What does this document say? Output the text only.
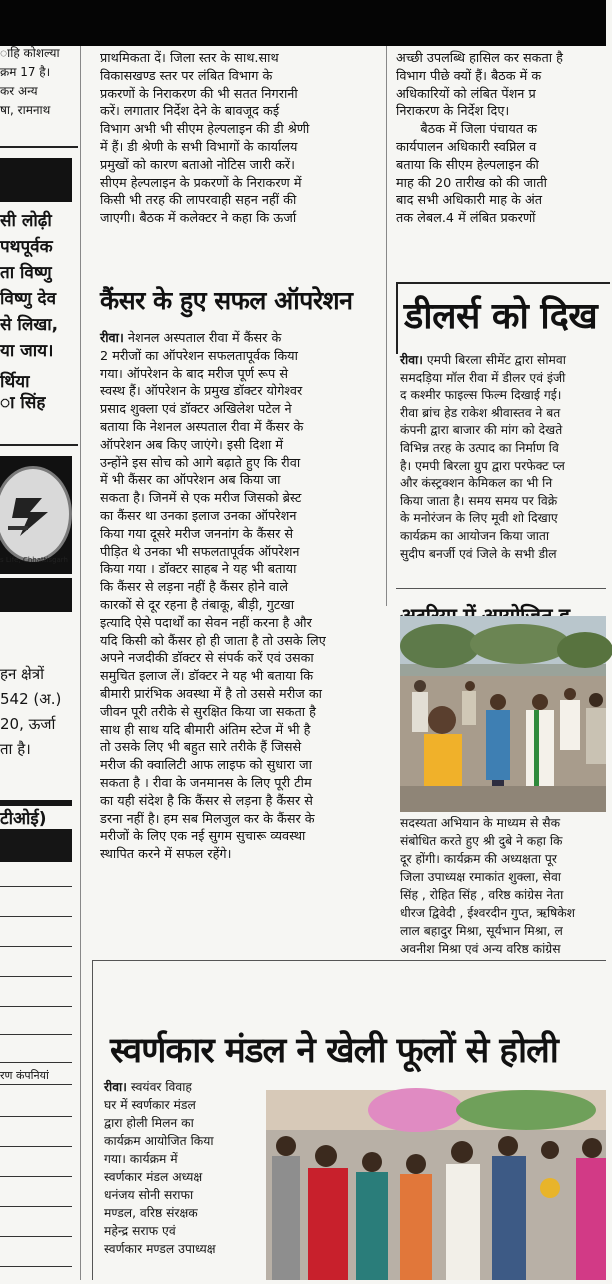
ाहि कोशल्या

क्रम 17 है।

कर अन्य

षा, रामनाथ

सी लोढ़ी

पथपूर्वक

ता विष्णु

विष्णु देव

से लिखा,

या जाय।

र्थिया

ा सिंह

s Life, Chhattisgarh

हन क्षेत्रों

542 (अ.)

20, ऊर्जा

ता है।

टीओई)
रण कंपनियां
प्राथमिकता दें। जिला स्तर के साथ.साथ
विकासखण्ड स्तर पर लंबित विभाग के
प्रकरणों के निराकरण की भी सतत निगरानी
करें। लगातार निर्देश देने के बावजूद कई
विभाग अभी भी सीएम हेल्पलाइन की डी श्रेणी
में हैं। डी श्रेणी के सभी विभागों के कार्यालय
प्रमुखों को कारण बताओ नोटिस जारी करें।
सीएम हेल्पलाइन के प्रकरणों के निराकरण में
किसी भी तरह की लापरवाही सहन नहीं की
जाएगी। बैठक में कलेक्टर ने कहा कि ऊर्जा
कैंसर के हुए सफल ऑपरेशन
रीवा। नेशनल अस्पताल रीवा में कैंसर के
2 मरीजों का ऑपरेशन सफलतापूर्वक किया
गया। ऑपरेशन के बाद मरीज पूर्ण रूप से
स्वस्थ हैं। ऑपरेशन के प्रमुख डॉक्टर योगेश्वर
प्रसाद शुक्ला एवं डॉक्टर अखिलेश पटेल ने
बताया कि नेशनल अस्पताल रीवा में कैंसर के
ऑपरेशन अब किए जाएंगे। इसी दिशा में
उन्होंने इस सोच को आगे बढ़ाते हुए कि रीवा
में भी कैंसर का ऑपरेशन अब किया जा
सकता है। जिनमें से एक मरीज जिसको ब्रेस्ट
का कैंसर था उनका इलाज उनका ऑपरेशन
किया गया दूसरे मरीज जननांग के कैंसर से
पीड़ित थे उनका भी सफलतापूर्वक ऑपरेशन
किया गया । डॉक्टर साहब ने यह भी बताया
कि कैंसर से लड़ना नहीं है कैंसर होने वाले
कारकों से दूर रहना है तंबाकू, बीड़ी, गुटखा
इत्यादि ऐसे पदार्थों का सेवन नहीं करना है और
यदि किसी को कैंसर हो ही जाता है तो उसके लिए
अपने नजदीकी डॉक्टर से संपर्क करें एवं उसका
समुचित इलाज लें। डॉक्टर ने यह भी बताया कि
बीमारी प्रारंभिक अवस्था में है तो उससे मरीज का
जीवन पूरी तरीके से सुरक्षित किया जा सकता है
साथ ही साथ यदि बीमारी अंतिम स्टेज में भी है
तो उसके लिए भी बहुत सारे तरीके हैं जिससे
मरीज की क्वालिटी आफ लाइफ को सुधारा जा
सकता है । रीवा के जनमानस के लिए पूरी टीम
का यही संदेश है कि कैंसर से लड़ना है कैंसर से
डरना नहीं है। हम सब मिलजुल कर के कैंसर के
मरीजों के लिए एक नई सुगम सुचारू व्यवस्था
स्थापित करने में सफल रहेंगे।
अच्छी उपलब्धि हासिल कर सकता है
विभाग पीछे क्यों हैं। बैठक में क
अधिकारियों को लंबित पेंशन प्र
निराकरण के निर्देश दिए।
बैठक में जिला पंचायत क
कार्यपालन अधिकारी स्वप्निल व
बताया कि सीएम हेल्पलाइन की
माह की 20 तारीख को की जाती
बाद सभी अधिकारी माह के अंत
तक लेबल.4 में लंबित प्रकरणों
डीलर्स को दिख
रीवा। एमपी बिरला सीमेंट द्वारा सोमवा
समदड़िया मॉल रीवा में डीलर एवं इंजी
द कश्मीर फाइल्स फिल्म दिखाई गई।
रीवा ब्रांच हेड राकेश श्रीवास्तव ने बत
कंपनी द्वारा बाजार की मांग को देखते
विभिन्न तरह के उत्पाद का निर्माण वि
है। एमपी बिरला ग्रुप द्वारा परफेक्ट प्ल
और कंस्ट्रक्शन केमिकल का भी नि
किया जाता है। समय समय पर विक्रे
के मनोरंजन के लिए मूवी शो दिखाए
कार्यक्रम का आयोजन किया जाता
सुदीप बनर्जी एवं जिले के सभी डील
सदस्यता अभियान के माध्यम से सैक
संबोधित करते हुए श्री दुबे ने कहा कि
दूर होंगी। कार्यक्रम की अध्यक्षता पूर
जिला उपाध्यक्ष रमाकांत शुक्ला, सेवा
सिंह , रोहित सिंह , वरिष्ठ कांग्रेस नेता
धीरज द्विवेदी , ईश्वरदीन गुप्त, ऋषिकेश
लाल बहादुर मिश्रा, सूर्यभान मिश्रा, ल
अवनीश मिश्रा एवं अन्य वरिष्ठ कांग्रेस
स्वर्णकार मंडल ने खेली फूलों से होली
रीवा। स्वयंवर विवाह
घर में स्वर्णकार मंडल
द्वारा होली मिलन का
कार्यक्रम आयोजित किया
गया। कार्यक्रम में
स्वर्णकार मंडल अध्यक्ष
धनंजय सोनी सराफा
मण्डल, वरिष्ठ संरक्षक
महेन्द्र सराफ एवं
स्वर्णकार मण्डल उपाध्यक्ष
